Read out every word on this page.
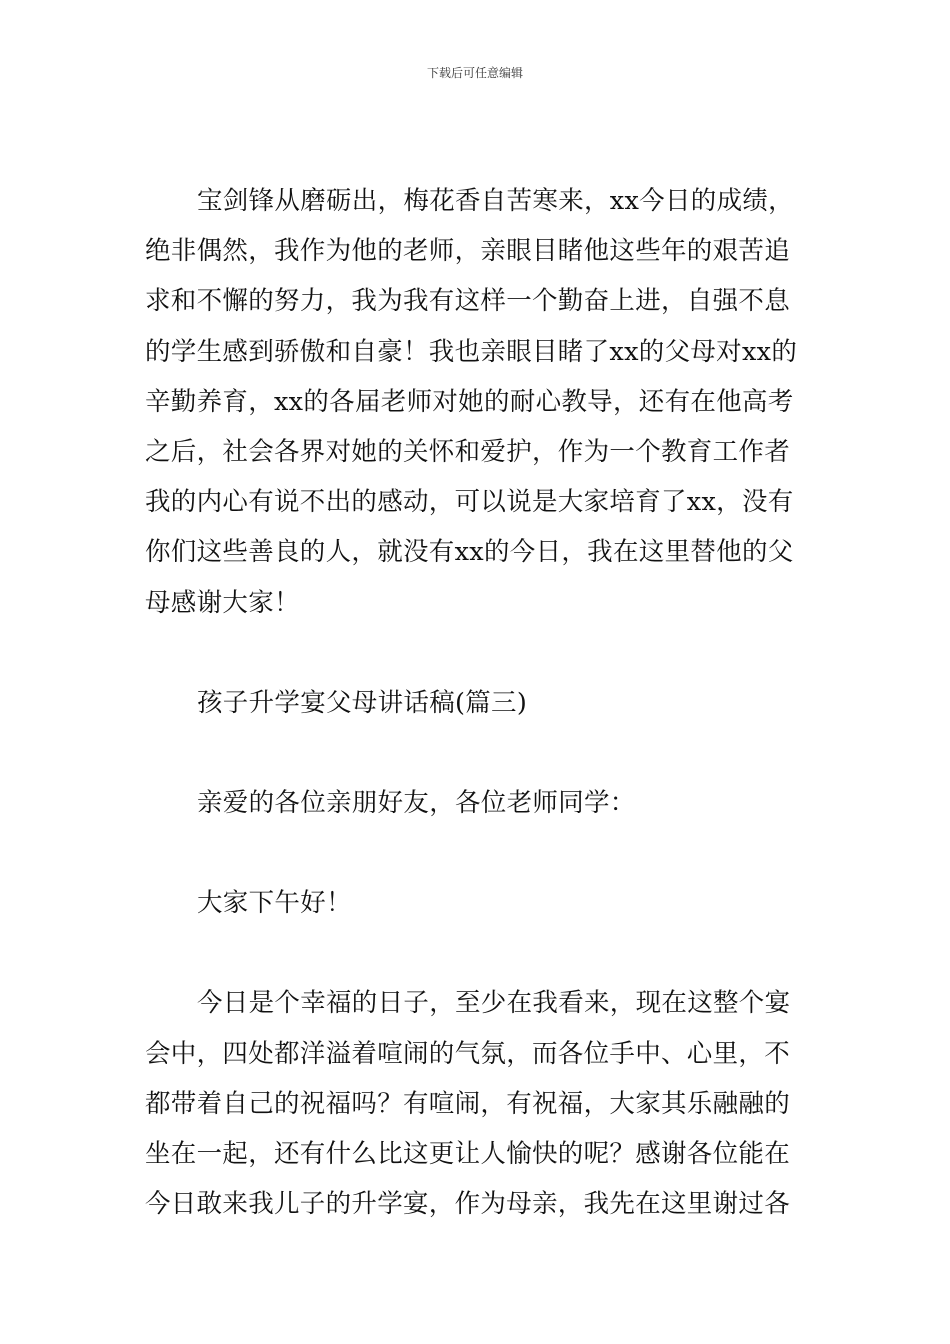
下载后可任意编辑
宝剑锋从磨砺出，梅花香自苦寒来，xx今日的成绩，
绝非偶然，我作为他的老师，亲眼目睹他这些年的艰苦追
求和不懈的努力，我为我有这样一个勤奋上进，自强不息
的学生感到骄傲和自豪！我也亲眼目睹了xx的父母对xx的
辛勤养育，xx的各届老师对她的耐心教导，还有在他高考
之后，社会各界对她的关怀和爱护，作为一个教育工作者
我的内心有说不出的感动，可以说是大家培育了xx，没有
你们这些善良的人，就没有xx的今日，我在这里替他的父
母感谢大家！
孩子升学宴父母讲话稿(篇三)
亲爱的各位亲朋好友，各位老师同学：
大家下午好！
今日是个幸福的日子，至少在我看来，现在这整个宴
会中，四处都洋溢着喧闹的气氛，而各位手中、心里，不
都带着自己的祝福吗？有喧闹，有祝福，大家其乐融融的
坐在一起，还有什么比这更让人愉快的呢？感谢各位能在
今日敢来我儿子的升学宴，作为母亲，我先在这里谢过各
